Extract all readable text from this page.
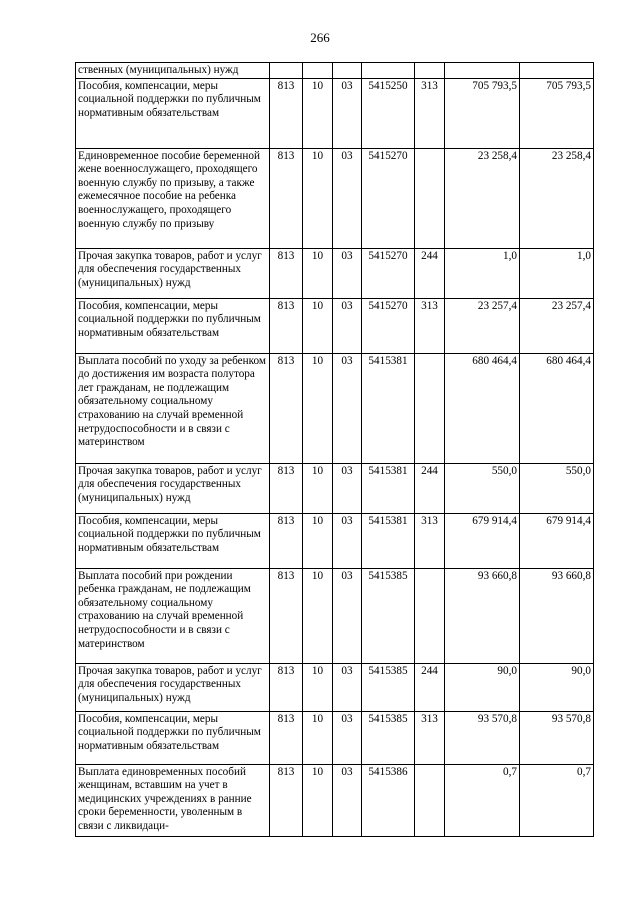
266
ственных (муниципальных) нужд							
Пособия, компенсации, меры социальной поддержки по публичным нормативным обязательствам	813	10	03	5415250	313	705 793,5	705 793,5
Единовременное пособие беременной жене военнослужащего, проходящего военную службу по призыву, а также ежемесячное пособие на ребенка военнослужащего, проходящего военную службу по призыву	813	10	03	5415270		23 258,4	23 258,4
Прочая закупка товаров, работ и услуг для обеспечения государственных (муниципальных) нужд	813	10	03	5415270	244	1,0	1,0
Пособия, компенсации, меры социальной поддержки по публичным нормативным обязательствам	813	10	03	5415270	313	23 257,4	23 257,4
Выплата пособий по уходу за ребенком до достижения им возраста полутора лет гражданам, не подлежащим обязательному социальному страхованию на случай временной нетрудоспособности и в связи с материнством	813	10	03	5415381		680 464,4	680 464,4
Прочая закупка товаров, работ и услуг для обеспечения государственных (муниципальных) нужд	813	10	03	5415381	244	550,0	550,0
Пособия, компенсации, меры социальной поддержки по публичным нормативным обязательствам	813	10	03	5415381	313	679 914,4	679 914,4
Выплата пособий при рождении ребенка гражданам, не подлежащим обязательному социальному страхованию на случай временной нетрудоспособности и в связи с материнством	813	10	03	5415385		93 660,8	93 660,8
Прочая закупка товаров, работ и услуг для обеспечения государственных (муниципальных) нужд	813	10	03	5415385	244	90,0	90,0
Пособия, компенсации, меры социальной поддержки по публичным нормативным обязательствам	813	10	03	5415385	313	93 570,8	93 570,8
Выплата единовременных пособий женщинам, вставшим на учет в медицинских учреждениях в ранние сроки беременности, уволенным в связи с ликвидаци-	813	10	03	5415386		0,7	0,7
